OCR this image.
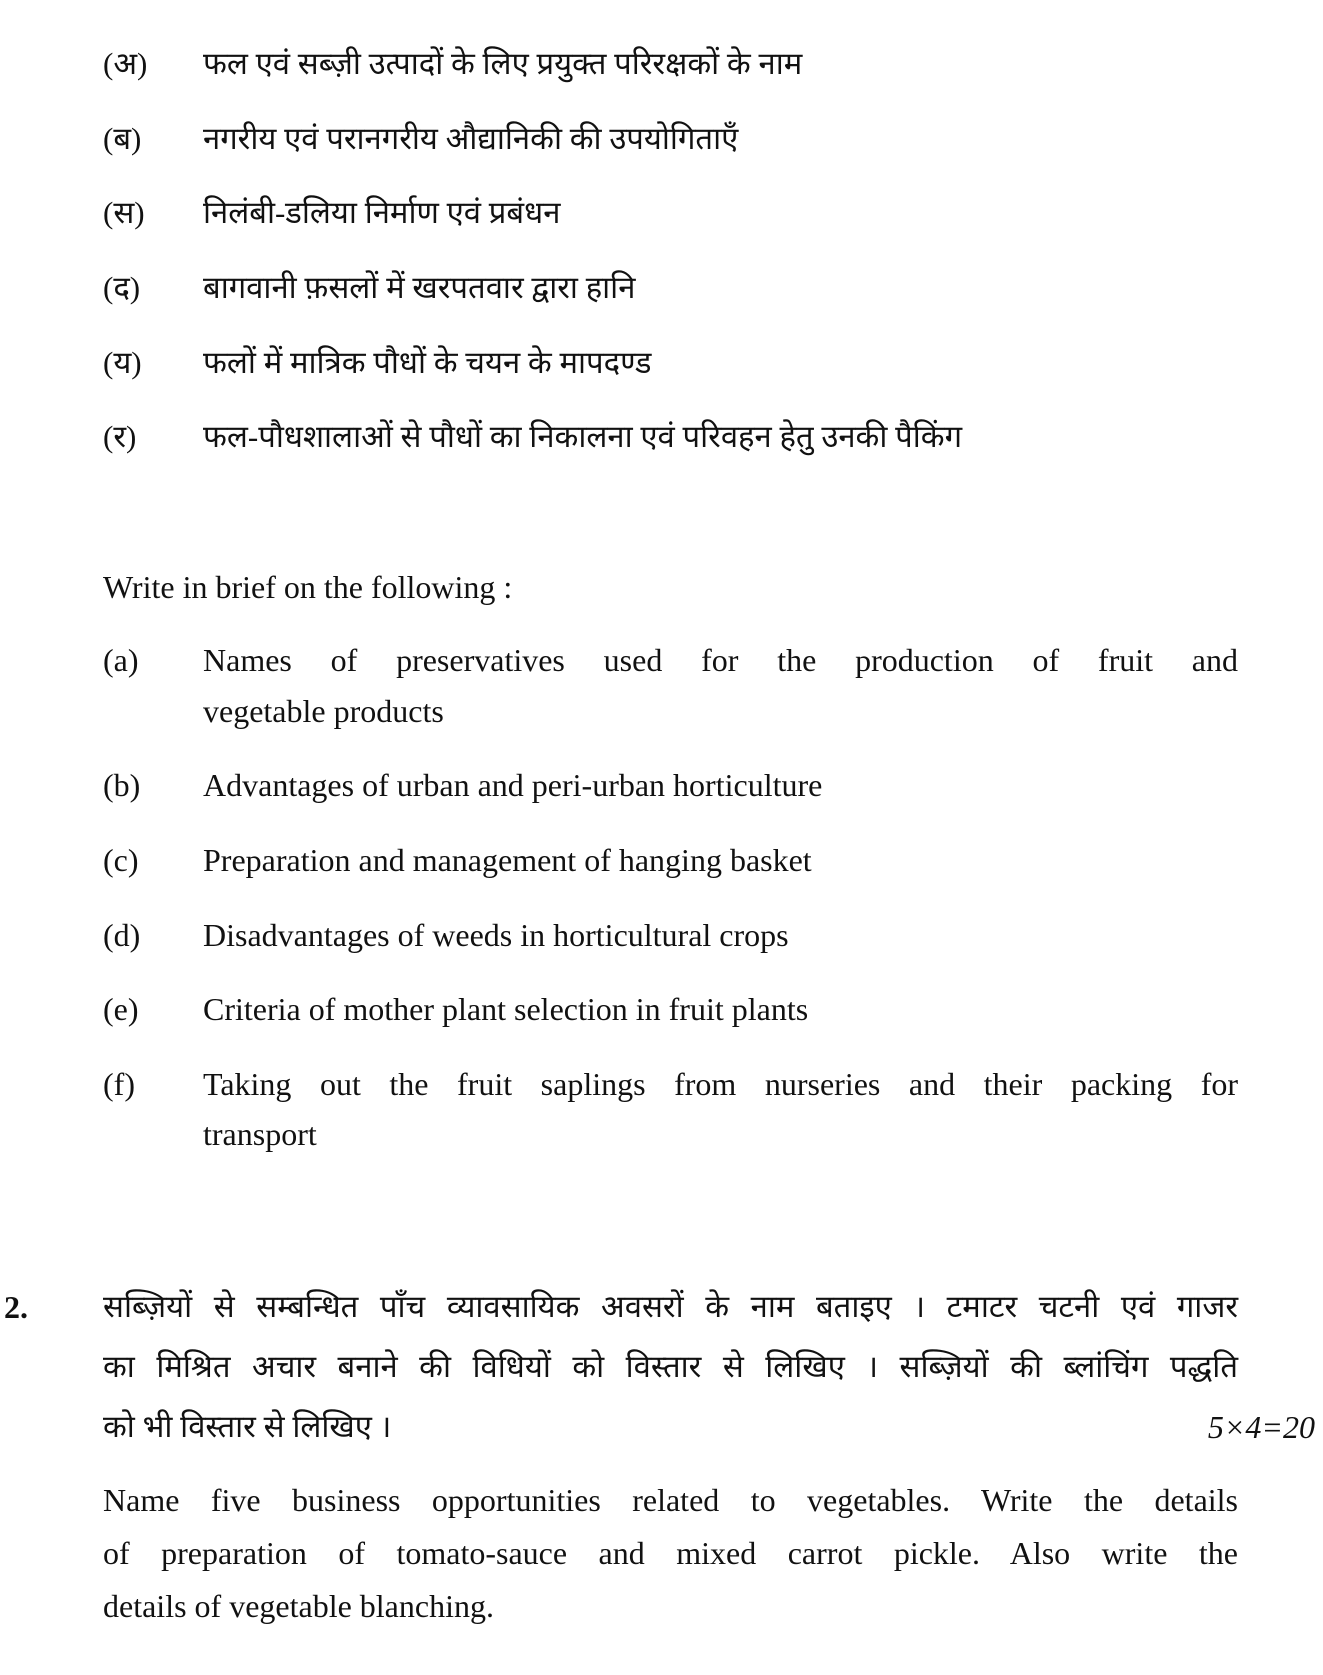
(अ) फल एवं सब्ज़ी उत्पादों के लिए प्रयुक्त परिरक्षकों के नाम
(ब) नगरीय एवं परानगरीय औद्यानिकी की उपयोगिताएँ
(स) निलंबी-डलिया निर्माण एवं प्रबंधन
(द) बागवानी फ़सलों में खरपतवार द्वारा हानि
(य) फलों में मात्रिक पौधों के चयन के मापदण्ड
(र) फल-पौधशालाओं से पौधों का निकालना एवं परिवहन हेतु उनकी पैकिंग
Write in brief on the following :
(a) Names of preservatives used for the production of fruit and
vegetable products
(b) Advantages of urban and peri-urban horticulture
(c) Preparation and management of hanging basket
(d) Disadvantages of weeds in horticultural crops
(e) Criteria of mother plant selection in fruit plants
(f) Taking out the fruit saplings from nurseries and their packing for
transport
2. सब्ज़ियों से सम्बन्धित पाँच व्यावसायिक अवसरों के नाम बताइए । टमाटर चटनी एवं गाजर
का मिश्रित अचार बनाने की विधियों को विस्तार से लिखिए । सब्ज़ियों की ब्लांचिंग पद्धति
को भी विस्तार से लिखिए ।	5×4=20
Name five business opportunities related to vegetables. Write the details
of preparation of tomato-sauce and mixed carrot pickle. Also write the
details of vegetable blanching.
